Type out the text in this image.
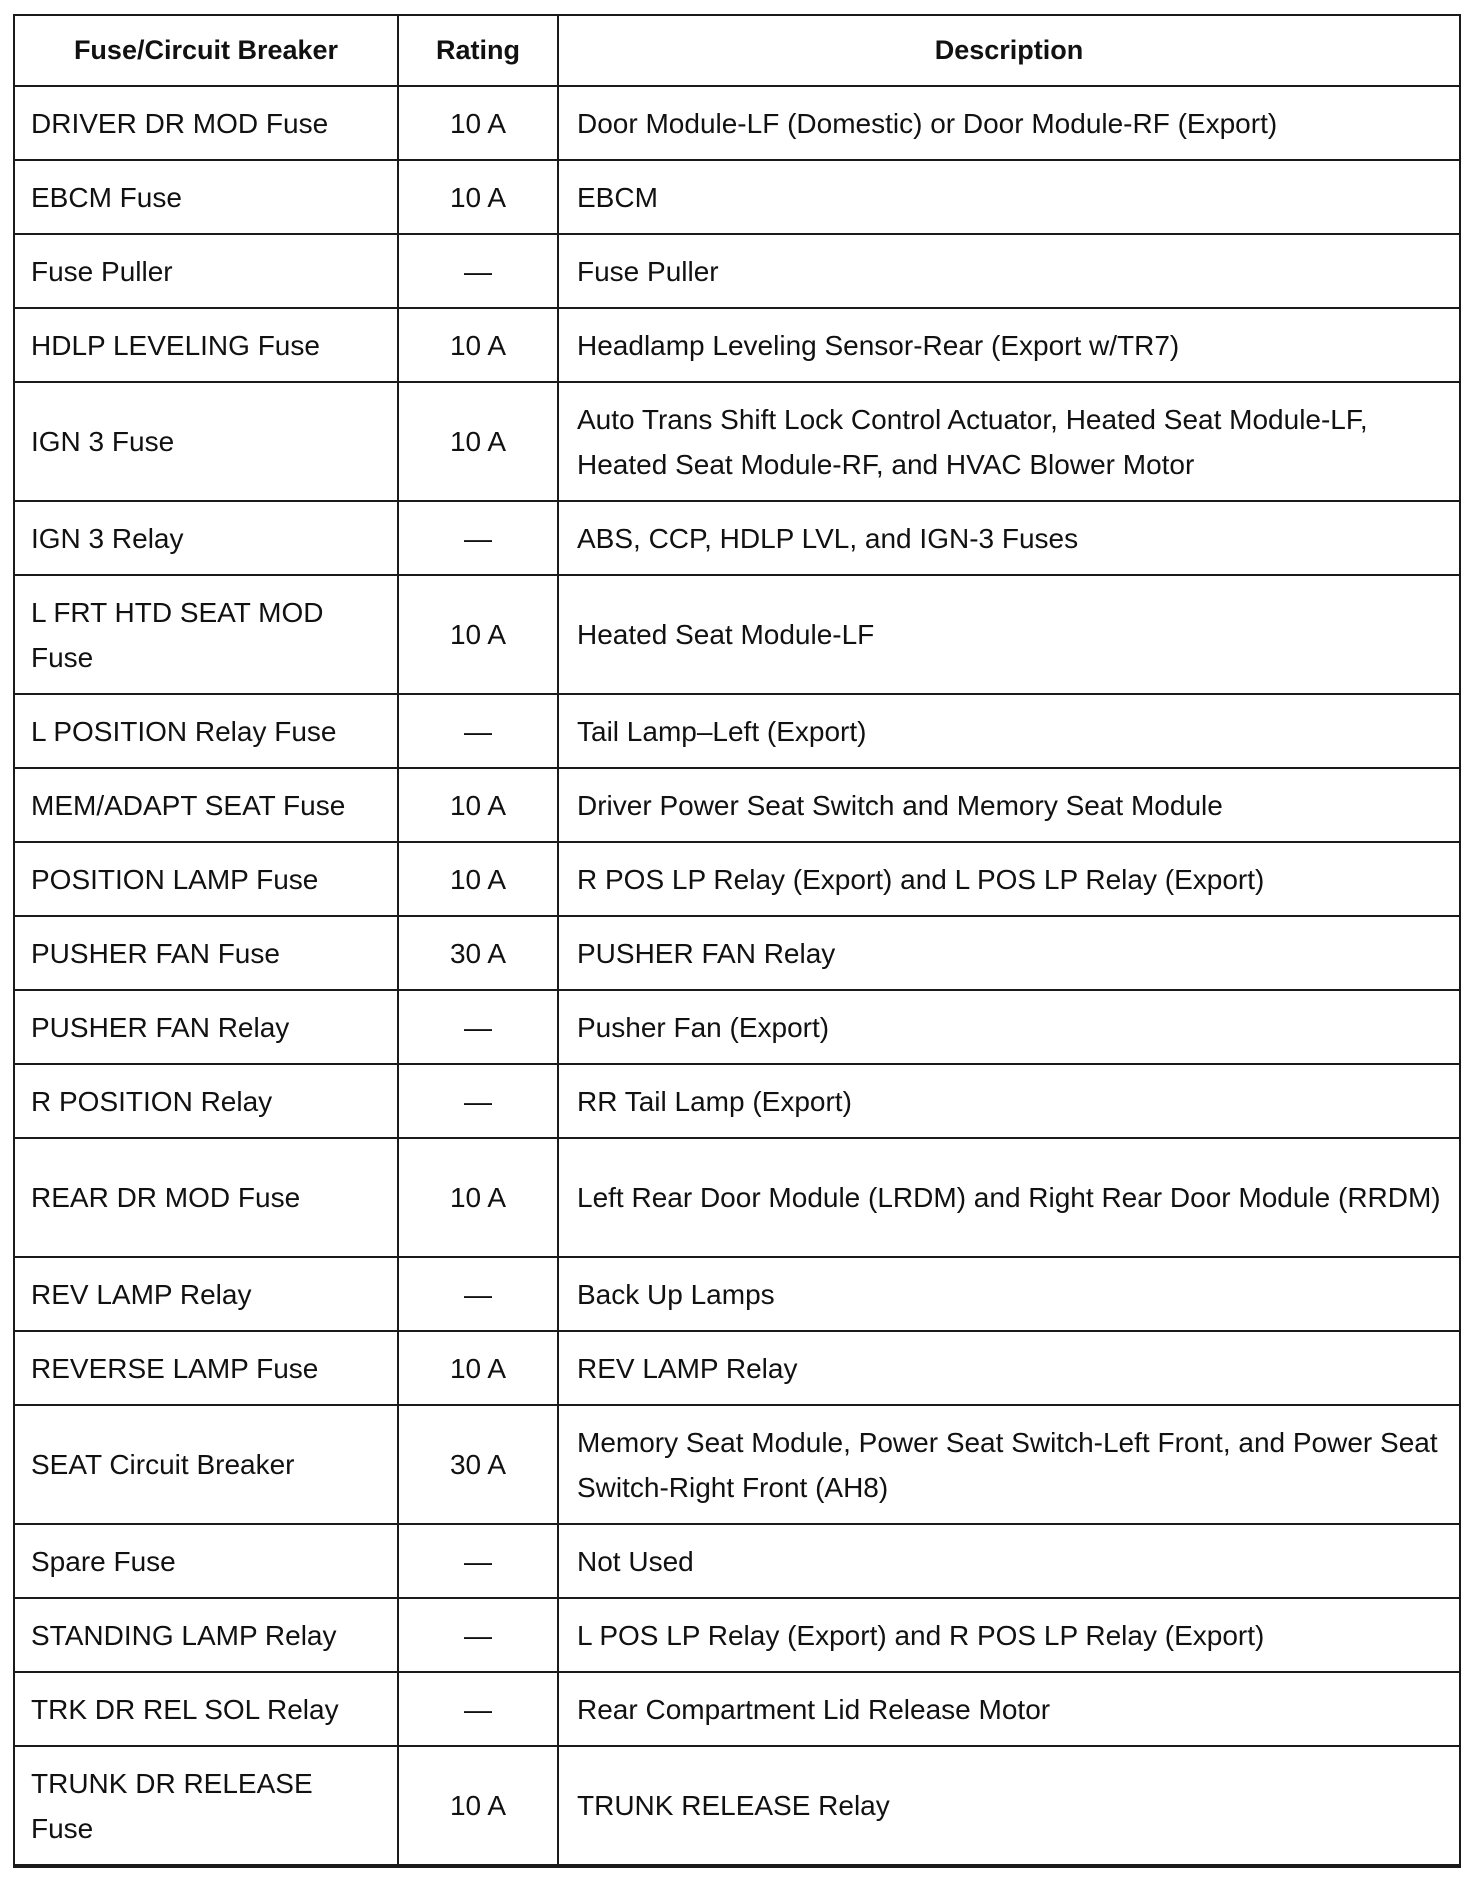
Fuse/Circuit Breaker	Rating	Description
DRIVER DR MOD Fuse	10 A	Door Module-LF (Domestic) or Door Module-RF (Export)
EBCM Fuse	10 A	EBCM
Fuse Puller	—	Fuse Puller
HDLP LEVELING Fuse	10 A	Headlamp Leveling Sensor-Rear (Export w/TR7)
IGN 3 Fuse	10 A	Auto Trans Shift Lock Control Actuator, Heated Seat Module-LF, Heated Seat Module-RF, and HVAC Blower Motor
IGN 3 Relay	—	ABS, CCP, HDLP LVL, and IGN-3 Fuses
L FRT HTD SEAT MOD Fuse	10 A	Heated Seat Module-LF
L POSITION Relay Fuse	—	Tail Lamp–Left (Export)
MEM/ADAPT SEAT Fuse	10 A	Driver Power Seat Switch and Memory Seat Module
POSITION LAMP Fuse	10 A	R POS LP Relay (Export) and L POS LP Relay (Export)
PUSHER FAN Fuse	30 A	PUSHER FAN Relay
PUSHER FAN Relay	—	Pusher Fan (Export)
R POSITION Relay	—	RR Tail Lamp (Export)
REAR DR MOD Fuse	10 A	Left Rear Door Module (LRDM) and Right Rear Door Module (RRDM)
REV LAMP Relay	—	Back Up Lamps
REVERSE LAMP Fuse	10 A	REV LAMP Relay
SEAT Circuit Breaker	30 A	Memory Seat Module, Power Seat Switch-Left Front, and Power Seat Switch-Right Front (AH8)
Spare Fuse	—	Not Used
STANDING LAMP Relay	—	L POS LP Relay (Export) and R POS LP Relay (Export)
TRK DR REL SOL Relay	—	Rear Compartment Lid Release Motor
TRUNK DR RELEASE Fuse	10 A	TRUNK RELEASE Relay
